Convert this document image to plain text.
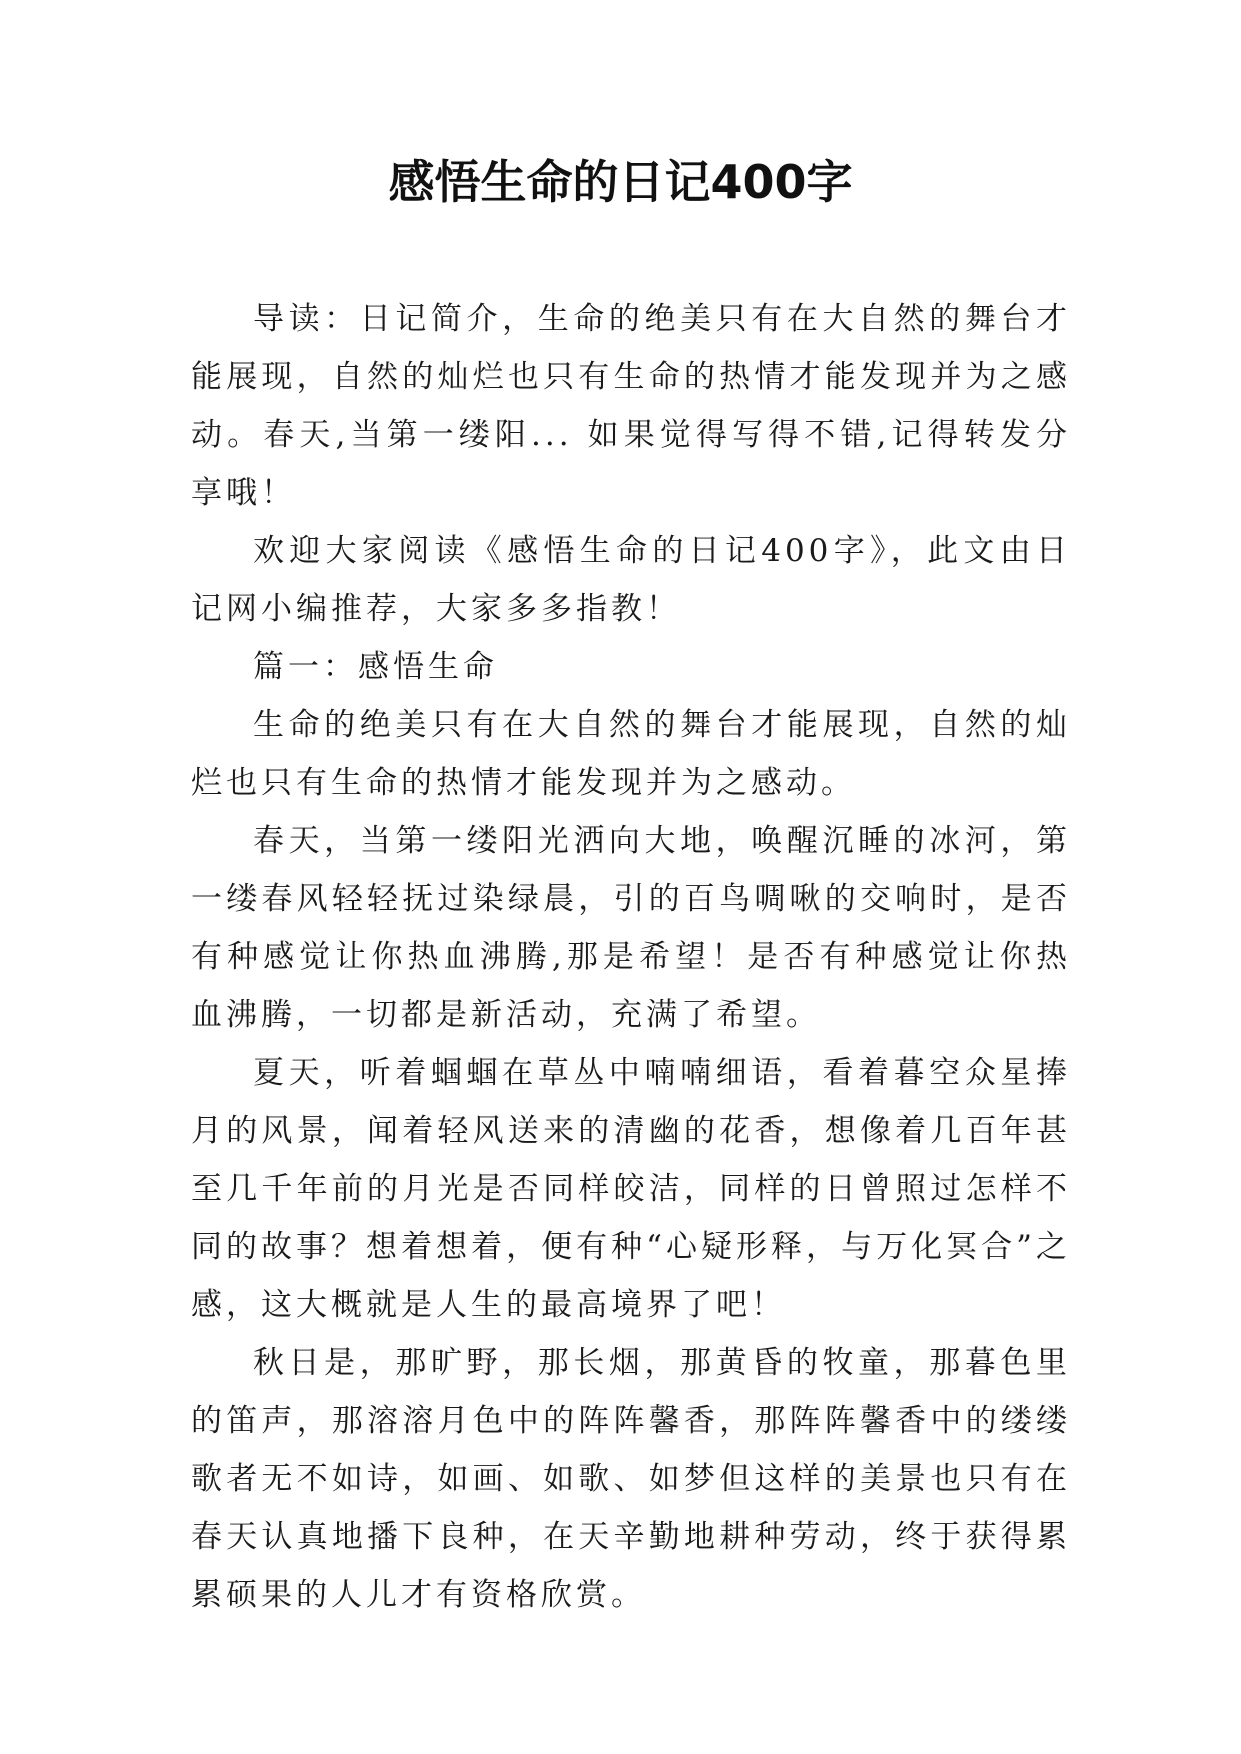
感悟生命的日记400字

导读：日记简介，生命的绝美只有在大自然的舞台才能展现，自然的灿烂也只有生命的热情才能发现并为之感动。春天,当第一缕阳... 如果觉得写得不错,记得转发分享哦！

欢迎大家阅读《感悟生命的日记400字》，此文由日记网小编推荐，大家多多指教！

篇一：感悟生命

生命的绝美只有在大自然的舞台才能展现，自然的灿烂也只有生命的热情才能发现并为之感动。

春天，当第一缕阳光洒向大地，唤醒沉睡的冰河，第一缕春风轻轻抚过染绿晨，引的百鸟啁啾的交响时，是否有种感觉让你热血沸腾,那是希望！是否有种感觉让你热血沸腾，一切都是新活动，充满了希望。

夏天，听着蝈蝈在草丛中喃喃细语，看着暮空众星捧月的风景，闻着轻风送来的清幽的花香，想像着几百年甚至几千年前的月光是否同样皎洁，同样的日曾照过怎样不同的故事？想着想着，便有种“心疑形释，与万化冥合”之感，这大概就是人生的最高境界了吧！

秋日是，那旷野，那长烟，那黄昏的牧童，那暮色里的笛声，那溶溶月色中的阵阵馨香，那阵阵馨香中的缕缕歌者无不如诗，如画、如歌、如梦但这样的美景也只有在春天认真地播下良种，在天辛勤地耕种劳动，终于获得累累硕果的人儿才有资格欣赏。
